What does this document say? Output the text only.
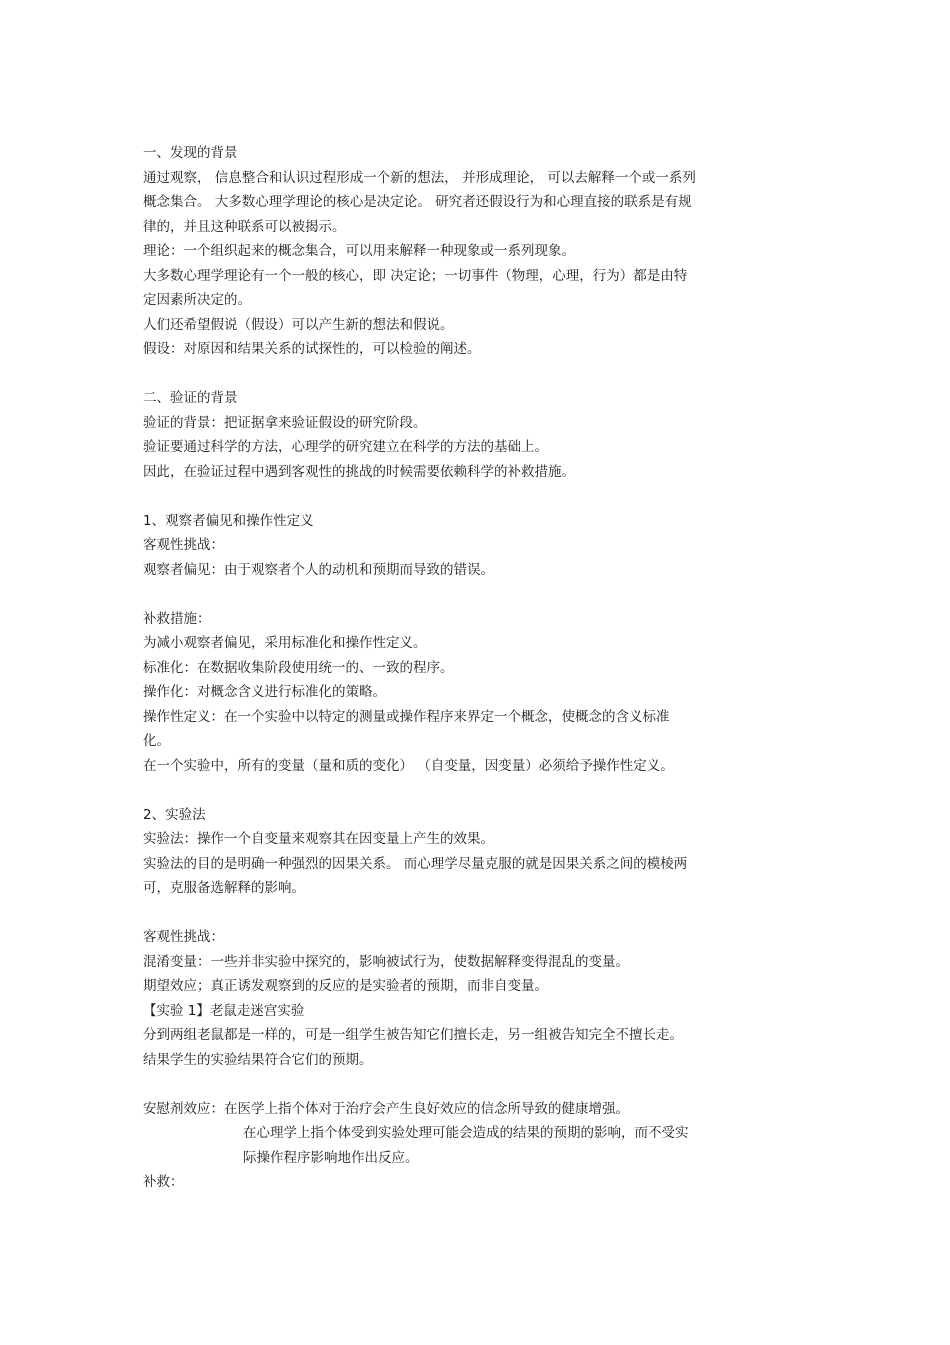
一、发现的背景
通过观察， 信息整合和认识过程形成一个新的想法， 并形成理论， 可以去解释一个或一系列
概念集合。 大多数心理学理论的核心是决定论。 研究者还假设行为和心理直接的联系是有规
律的，并且这种联系可以被揭示。
理论：一个组织起来的概念集合，可以用来解释一种现象或一系列现象。
大多数心理学理论有一个一般的核心，即 决定论；一切事件（物理，心理，行为）都是由特
定因素所决定的。
人们还希望假说（假设）可以产生新的想法和假说。
假设：对原因和结果关系的试探性的，可以检验的阐述。
二、验证的背景
验证的背景：把证据拿来验证假设的研究阶段。
验证要通过科学的方法，心理学的研究建立在科学的方法的基础上。
因此，在验证过程中遇到客观性的挑战的时候需要依赖科学的补救措施。
1、观察者偏见和操作性定义
客观性挑战：
观察者偏见：由于观察者个人的动机和预期而导致的错误。
补救措施：
为减小观察者偏见，采用标准化和操作性定义。
标准化：在数据收集阶段使用统一的、一致的程序。
操作化：对概念含义进行标准化的策略。
操作性定义：在一个实验中以特定的测量或操作程序来界定一个概念，使概念的含义标准
化。
在一个实验中，所有的变量（量和质的变化） （自变量，因变量）必须给予操作性定义。
2、实验法
实验法：操作一个自变量来观察其在因变量上产生的效果。
实验法的目的是明确一种强烈的因果关系。 而心理学尽量克服的就是因果关系之间的模棱两
可，克服备选解释的影响。
客观性挑战：
混淆变量：一些并非实验中探究的，影响被试行为，使数据解释变得混乱的变量。
期望效应；真正诱发观察到的反应的是实验者的预期，而非自变量。
【实验 1】老鼠走迷宫实验
分到两组老鼠都是一样的，可是一组学生被告知它们擅长走，另一组被告知完全不擅长走。
结果学生的实验结果符合它们的预期。
安慰剂效应：在医学上指个体对于治疗会产生良好效应的信念所导致的健康增强。
在心理学上指个体受到实验处理可能会造成的结果的预期的影响，而不受实
际操作程序影响地作出反应。
补救：
